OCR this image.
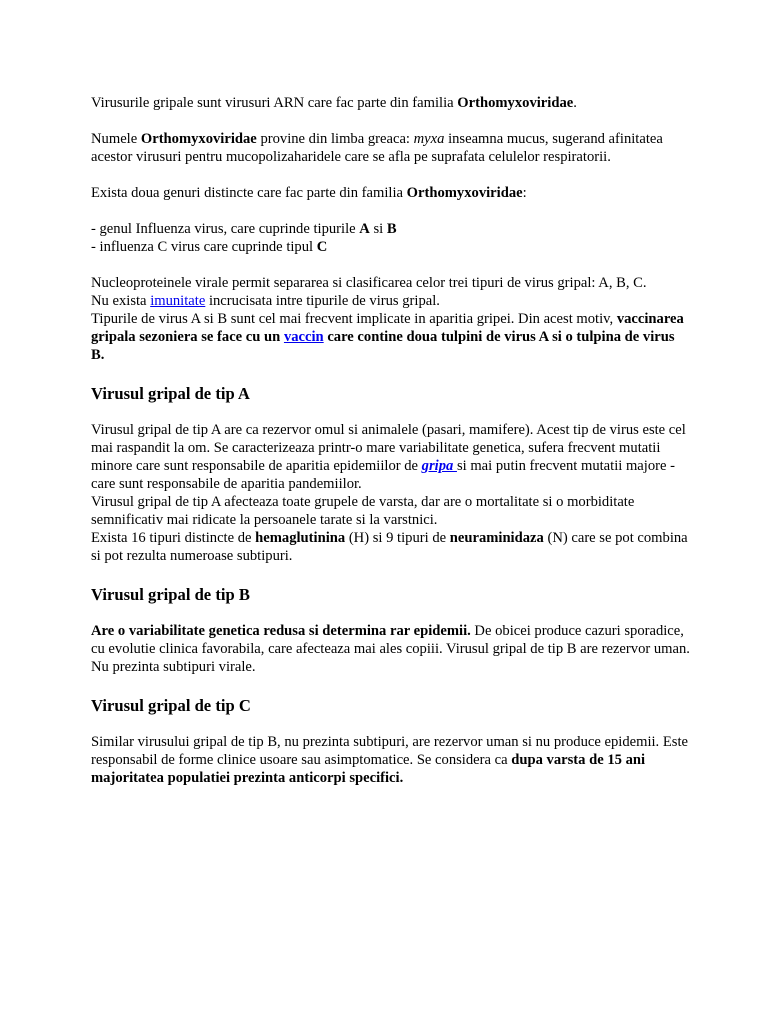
Virusurile gripale sunt virusuri ARN care fac parte din familia Orthomyxoviridae.

Numele Orthomyxoviridae provine din limba greaca: myxa inseamna mucus, sugerand afinitatea acestor virusuri pentru mucopolizaharidele care se afla pe suprafata celulelor respiratorii.

Exista doua genuri distincte care fac parte din familia Orthomyxoviridae:

- genul Influenza virus, care cuprinde tipurile A si B

- influenza C virus care cuprinde tipul C

Nucleoproteinele virale permit separarea si clasificarea celor trei tipuri de virus gripal: A, B, C.

Nu exista imunitate incrucisata intre tipurile de virus gripal.

Tipurile de virus A si B sunt cel mai frecvent implicate in aparitia gripei. Din acest motiv, vaccinarea gripala sezoniera se face cu un vaccin care contine doua tulpini de virus A si o tulpina de virus B.

Virusul gripal de tip A

Virusul gripal de tip A are ca rezervor omul si animalele (pasari, mamifere). Acest tip de virus este cel mai raspandit la om. Se caracterizeaza printr-o mare variabilitate genetica, sufera frecvent mutatii minore care sunt responsabile de aparitia epidemiilor de gripa si mai putin frecvent mutatii majore - care sunt responsabile de aparitia pandemiilor.

Virusul gripal de tip A afecteaza toate grupele de varsta, dar are o mortalitate si o morbiditate semnificativ mai ridicate la persoanele tarate si la varstnici.

Exista 16 tipuri distincte de hemaglutinina (H) si 9 tipuri de neuraminidaza (N) care se pot combina si pot rezulta numeroase subtipuri.

Virusul gripal de tip B

Are o variabilitate genetica redusa si determina rar epidemii. De obicei produce cazuri sporadice, cu evolutie clinica favorabila, care afecteaza mai ales copiii. Virusul gripal de tip B are rezervor uman. Nu prezinta subtipuri virale.

Virusul gripal de tip C

Similar virusului gripal de tip B, nu prezinta subtipuri, are rezervor uman si nu produce epidemii. Este responsabil de forme clinice usoare sau asimptomatice. Se considera ca dupa varsta de 15 ani majoritatea populatiei prezinta anticorpi specifici.
